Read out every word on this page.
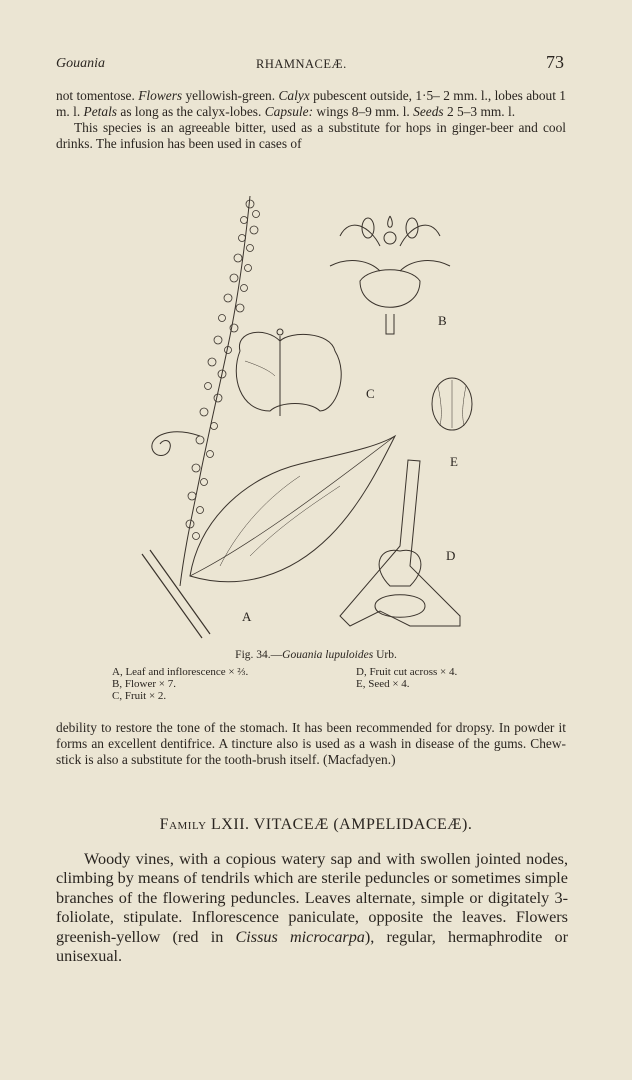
Gouania	RHAMNACEÆ.	73

not tomentose. Flowers yellowish-green. Calyx pubescent outside, 1·5– 2 mm. l., lobes about 1 m. l. Petals as long as the calyx-lobes. Capsule: wings 8–9 mm. l. Seeds 2 5–3 mm. l.

This species is an agreeable bitter, used as a substitute for hops in ginger-beer and cool drinks. The infusion has been used in cases of

B
C
E
D
A
Fig. 34.—Gouania lupuloides Urb.
A, Leaf and inflorescence × ⅔.
B, Flower × 7.
C, Fruit × 2.
D, Fruit cut across × 4.
E, Seed × 4.

debility to restore the tone of the stomach. It has been recommended for dropsy. In powder it forms an excellent dentifrice. A tincture also is used as a wash in disease of the gums. Chew-stick is also a substitute for the tooth-brush itself. (Macfadyen.)

Family LXII. VITACEÆ (AMPELIDACEÆ).

Woody vines, with a copious watery sap and with swollen jointed nodes, climbing by means of tendrils which are sterile peduncles or sometimes simple branches of the flowering peduncles. Leaves alternate, simple or digitately 3-foliolate, stipulate. Inflorescence paniculate, opposite the leaves. Flowers greenish-yellow (red in Cissus microcarpa), regular, hermaphrodite or unisexual.
